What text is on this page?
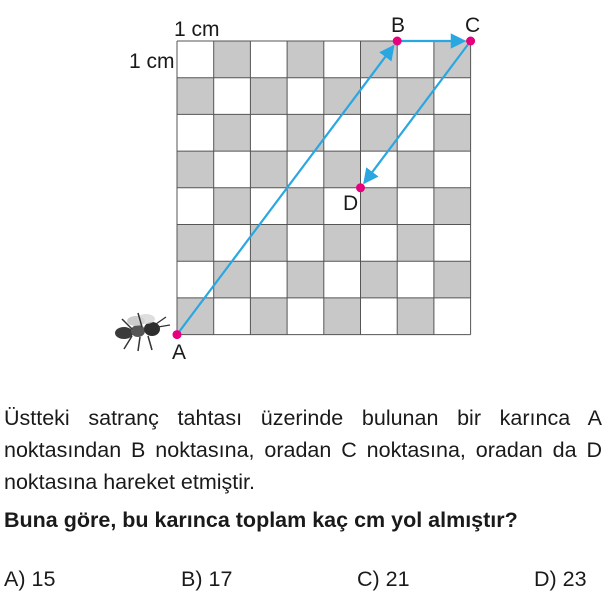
1 cm
1 cm
B	C
D
A
Üstteki satranç tahtası üzerinde bulunan bir karınca A noktasından B noktasına, oradan C noktasına, oradan da D noktasına hareket etmiştir.
Buna göre, bu karınca toplam kaç cm yol almıştır?
A) 15	B) 17	C) 21	D) 23
